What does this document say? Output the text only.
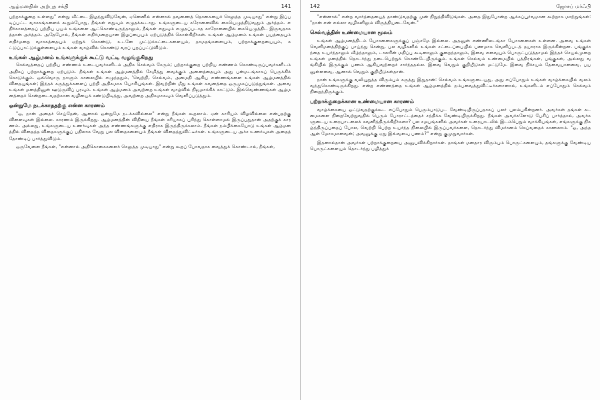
ஆழ்மனதின் அற்புத சக்தி	141

பற்றாக்குறை உள்ளது" என்று வீட்டை இழந்துவிடுவேன், ஏனெனில் என்னால் தவணைத் தொகையைச் செலுத்த முடியாது" என்று இப்படிப்பட்ட வாசகங்களைக் கூறும்போது, நீங்கள் எதுவும் எழுதக்கூடாது. உங்களுடைய கரோனைவில் கையெழுத்திடுவதும் அர்த்தம். எதிர்காலத்தைப் பற்றிய பயம் உங்களை ஆட்கொண்டிருந்தாலும், நீங்கள் எதுவும் எழுதப்படாத காரோனையில் கையெழுத்திட இருவதாகத்தான் அர்த்தம். அதேபோல், நீங்கள் எதிர்மறையான இழப்பையும் ஏற்படுத்திக் கொள்கிறீர்கள். உங்கள் ஆழ்மனம் உங்கள் பயத்தையும் எதிர்மறை வாசகத்தையும் ஏற்றுக் கொண்டு, உடனே முட்டுக்கட்டைகளையும், தாமதங்களையும், பற்றாக்குறையையும், கட்டுப்பாட்டுக்குள்ளையும் உங்கள் வாழ்வில் கொண்டு வரப் புறப்பட்டுவிடும்.

உங்கள் ஆழ்மனம் உங்களுக்குக் கூட்டு வட்டி வழங்குகிறது

செல்வத்தைப் பற்றிய எண்ணம் உடையவர்களிடம் அதிக செல்வம் சேரும்; பற்றாக்குறை பற்றிய எண்ணம் கொண்டிருப்பவர்களிடம் அதிகப் பற்றாக்குறை ஏற்படும். நீங்கள் உங்கள் ஆழ்மனத்தில் சேமித்து வைக்கும் அனைத்தையும் அது பன்மடங்காகப் பெருக்கிக் கொடுக்கும். ஒவ்வொரு நாளும் காலையில் எழுந்ததும், 'வெற்றி, செல்வம், அமைதி ஆகிய எண்ணங்களை உங்கள் ஆழ்மனத்தில் விதையுங்கள்; இந்தக் கருத்துக்களைப் பற்றி அதிகமாக யோசியுங்கள். இவற்றின் மீது உங்கள் கவனத்தை ஒருமுகப்படுத்துங்கள். அவை உங்கள் மனத்தினுள் ஊடுருவிப் பரவும். உங்கள் ஆழ்மனம் அவற்றை உங்கள் வாழ்வில் நிஜமாக்கிக் காட்டும். இவ்வெண்ணங்கள் ஆழ்மனத்தைச் சென்றடைவதற்கான வழியைக் கண்டுபிடித்து, அவற்றை அதிகமாகவும் வெளிப்படுத்தும்.

ஒன்றுமே நடக்காததற்கு என்ன காரணம்

"ஒ, நான் அதைச் செய்தேன், ஆனால் ஒன்றுமே நடக்கவில்லை" என்று நீங்கள் கூறலாம். ஏன் காரியம் விழவில்லை என்பதற்கு விளைவுகள் இல்லை. காரணம் இருக்கிறது. ஆழ்மனத்தின் விதியை நீங்கள் சரியாகப் புரிந்து கொள்ளாமல் இருப்பதுதான் அதற்குக் காரணம். அல்லது, உங்களுடைய உணர்வுகள் அந்த எண்ணங்களுக்கு எதிராக இருந்திருக்கலாம். நீங்கள் நம்பிக்கையோடு உங்கள் ஆழ்மனத்தில் விதைத்த விதைகளுக்குப் பதிலாக வேறு பல விதைகளையும் நீங்கள் விதைத்துவிட்டீர்கள். உங்களுடைய அச்ச உணர்வுகள் அதைத் தோண்டிப் பார்த்துவிடும்.

ஒருவேளை நீங்கள், "என்னால் அதிகொகைகளைச் செலுத்த முடியாது" என்று கூறப் போவதாக வைத்துக் கொண்டால், நீங்கள்,

142	ஜோசப் மர்ஃபி

"என்னால்" என்ற வார்த்தையைத் தாண்டுவதற்கு முன் நிறுத்திவிடுங்கள். அதை இதுபோன்ற ஆக்கப்பூர்வமான கூற்றாக மாற்றுங்கள்: "நான் என் எல்லா வழிகளிலும் விருத்தியடைவேன்."

செல்வத்தின் உண்மையான மூலம்

உங்கள் ஆழ்மனத்திடம் யோசனைகளுக்குப் பஞ்சமே இல்லை. அதனுள் எண்ணிலடங்கா யோசனைகள் உள்ளன. அவை உங்கள் வெளிமனத்திற்குப் பாய்ந்து சென்று, பல வழிகளில் உங்கள் சட்டைப்பையில் பணமாக வெளிப்படத் தயாராக இருக்கின்றன. பங்குச்சந்தை உயர்ந்தாலும் வீழ்ந்தாலும், டாலரின் மதிப்பு கூடினாலும் குறைந்தாலும், இவை எவையும் பொருட்படுத்தாமல் இந்தச் செயல்முறை உங்கள் மனத்தில் தொடர்ந்து நடைபெற்றுக் கொண்டேயிருக்கும். உங்கள் செல்வம் உண்மையில் பத்திரங்கள், பங்குகள், அல்லது வங்கியில் இருக்கும் பணம் ஆகியவற்றைச் சார்ந்ததல்ல. இவை வெறும் குறியீடுகள் மட்டுமே. இவை நிச்சயம் தேவையானவை, பயனுள்ளவை, ஆனால் வெறும் குறியீடுகள்தான்.

நான் உங்களுக்கு வலியுறுத்த விரும்பும் கருத்து இதுதான்: செல்வம் உங்களுடையது, அது எப்போதும் உங்கள் வாழ்க்கையில் வலம் வந்துகொண்டிருக்கிறது. என்ற எண்ணத்தை உங்கள் ஆழ்மனத்தில் நம்பவைத்துவிட்டீர்களானால், உங்களிடம் எப்போதும் செல்வம் நிறைந்திருக்கும்.

பற்றாக்குறைக்கான உண்மையான காரணம்

வாழ்க்கையை ஓட்டுவதற்குக்கூட எப்போதும் பெரும்பாடுபட வேண்டியிருப்பதாகப் பலர் புலம்புகின்றனர். அவர்கள் தங்கள் கடமைகளை நிறைவேற்றுவதில் பெரும் போராட்டத்தைச் சந்திக்க வேண்டியிருக்கிறது. நீங்கள் அவர்களோடு பேசிப் பார்த்தால், அவர்களுடைய உரையாடலைக் கவனித்திருக்கிறீர்களா? பல சமயங்களில் அவர்கள் உரையாடலில் இடம்பெறும் வாக்கியங்கள், எங்களுக்கு நிகழ்ந்திருப்பதைப் போல, வெற்றி பெற்ற உயர்ந்த நிலையில் இருப்பவர்களை, தொடர்ந்து விமர்சனம் செய்வதைக் காணலாம். "ஓ, அந்த ஆள் மோசமானவன்; அவனுக்கு ஏது இவ்வளவு பணம்?" என்று குமுறுவார்கள்.

இதனால்தான் அவர்கள் பற்றாக்குறையை அனுபவிக்கிறார்கள். தாங்கள் மனதார விரும்பும் பொருட்களையும், தங்களுக்கு வேண்டிய பொருட்களையும் தொடர்ந்து பழித்துக்
